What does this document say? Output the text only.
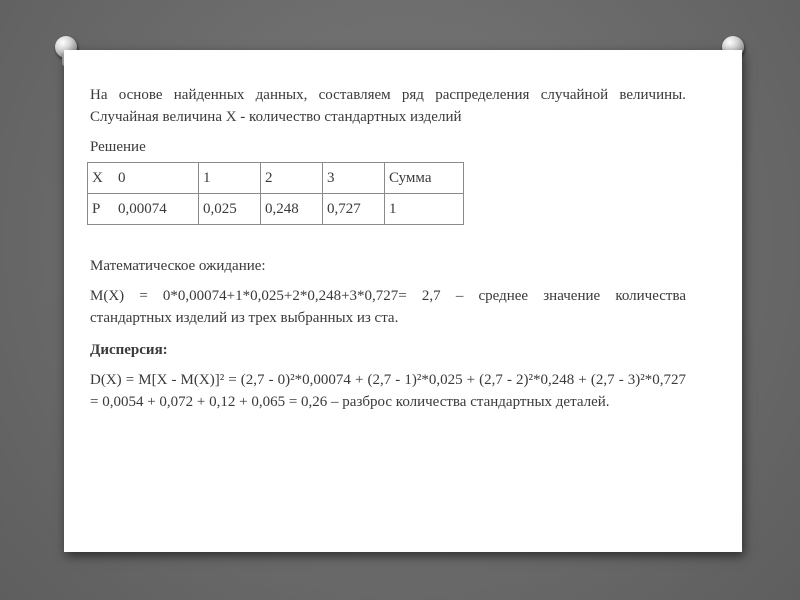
На основе найденных данных, составляем ряд распределения случайной величины. Случайная величина X - количество стандартных изделий

Решение

X 0	1	2	3	Сумма
P 0,00074	0,025	0,248	0,727	1

Математическое ожидание:

M(X) = 0*0,00074+1*0,025+2*0,248+3*0,727= 2,7 – среднее значение количества стандартных изделий из трех выбранных из ста.

Дисперсия:

D(X) = M[X - M(X)]² = (2,7 - 0)²*0,00074 + (2,7 - 1)²*0,025 + (2,7 - 2)²*0,248 + (2,7 - 3)²*0,727 = 0,0054 + 0,072 + 0,12 + 0,065 = 0,26 – разброс количества стандартных деталей.
